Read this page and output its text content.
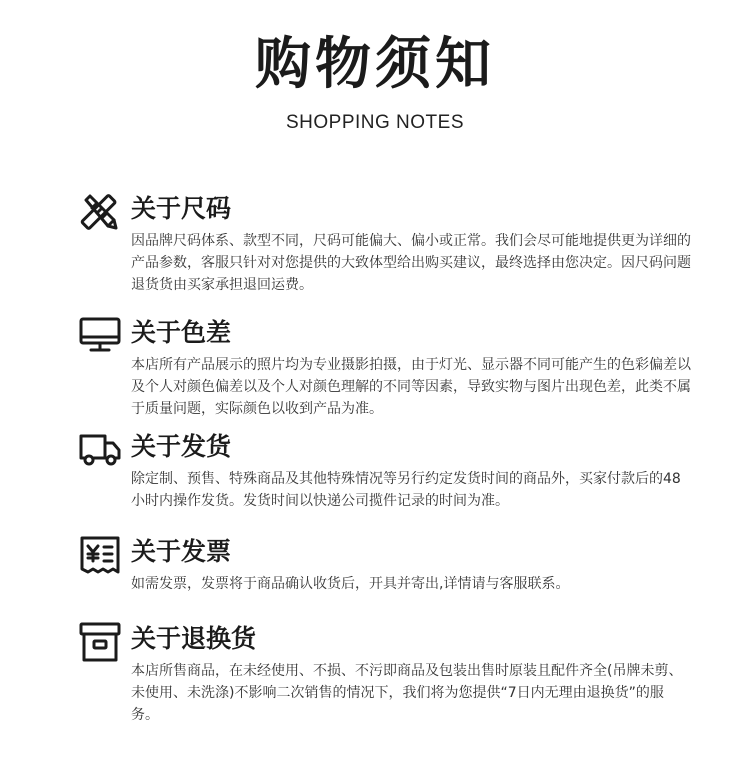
购物须知
SHOPPING NOTES
关于尺码
因品牌尺码体系、款型不同，尺码可能偏大、偏小或正常。我们会尽可能地提供更为详细的产品参数，客服只针对对您提供的大致体型给出购买建议，最终选择由您决定。因尺码问题退货货由买家承担退回运费。
关于色差
本店所有产品展示的照片均为专业摄影拍摄，由于灯光、显示器不同可能产生的色彩偏差以及个人对颜色偏差以及个人对颜色理解的不同等因素，导致实物与图片出现色差，此类不属于质量问题，实际颜色以收到产品为准。
关于发货
除定制、预售、特殊商品及其他特殊情况等另行约定发货时间的商品外，买家付款后的48小时内操作发货。发货时间以快递公司揽件记录的时间为准。
关于发票
如需发票，发票将于商品确认收货后，开具并寄出,详情请与客服联系。
关于退换货
本店所售商品，在未经使用、不损、不污即商品及包装出售时原装且配件齐全(吊牌未剪、未使用、未洗涤)不影响二次销售的情况下，我们将为您提供“7日内无理由退换货”的服务。
